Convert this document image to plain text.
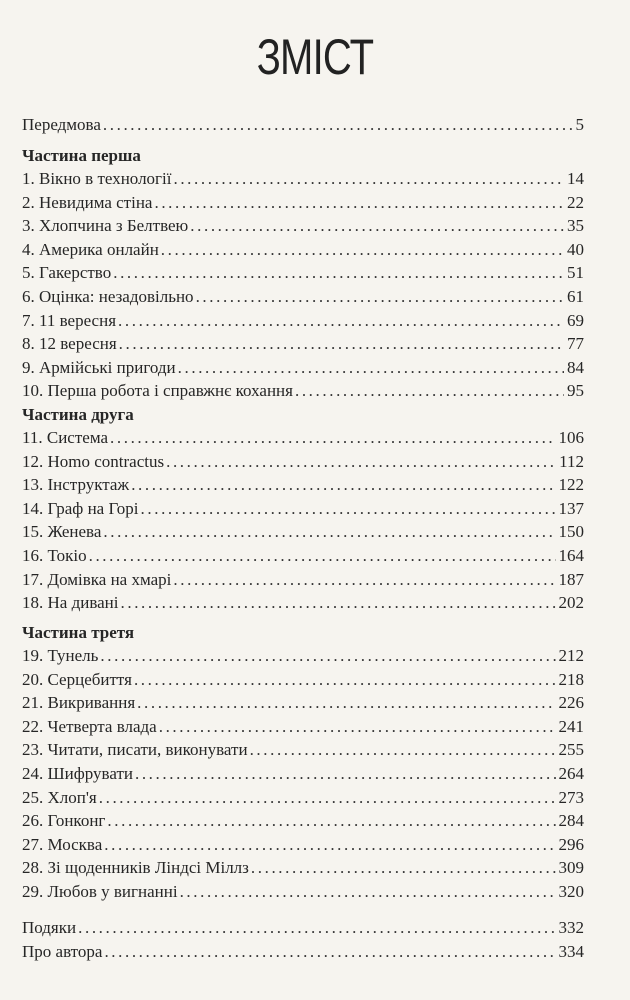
ЗМІСТ
Передмова .....	5
Частина перша
1. Вікно в технології .....	14
2. Невидима стіна .....	22
3. Хлопчина з Белтвею .....	35
4. Америка онлайн .....	40
5. Гакерство .....	51
6. Оцінка: незадовільно .....	61
7. 11 вересня .....	69
8. 12 вересня .....	77
9. Армійські пригоди .....	84
10. Перша робота і справжнє кохання .....	95
Частина друга
11. Система .....	106
12. Homo contractus .....	112
13. Інструктаж .....	122
14. Граф на Горі .....	137
15. Женева .....	150
16. Токіо .....	164
17. Домівка на хмарі .....	187
18. На дивані .....	202
Частина третя
19. Тунель .....	212
20. Серцебиття .....	218
21. Викривання .....	226
22. Четверта влада .....	241
23. Читати, писати, виконувати .....	255
24. Шифрувати .....	264
25. Хлоп'я .....	273
26. Гонконг .....	284
27. Москва .....	296
28. Зі щоденників Ліндсі Міллз .....	309
29. Любов у вигнанні .....	320
Подяки .....	332
Про автора .....	334
